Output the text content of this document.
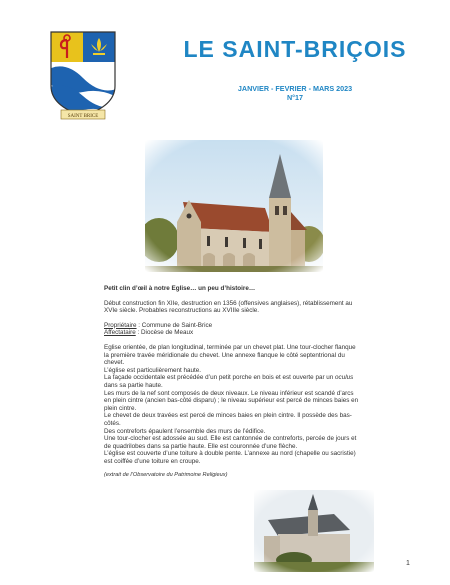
SAINT BRICE
LE SAINT-BRIÇOIS
JANVIER - FEVRIER - MARS 2023
N°17

Petit clin d’œil à notre Eglise… un peu d’histoire…

Début construction fin XIIe, destruction en 1356 (offensives anglaises), rétablissement au XVIe siècle. Probables reconstructions au XVIIIe siècle.

Propriétaire : Commune de Saint-Brice

Affectataire : Diocèse de Meaux

Eglise orientée, de plan longitudinal, terminée par un chevet plat. Une tour-clocher flanque la première travée méridionale du chevet. Une annexe flanque le côté septentrional du chevet.

L’église est particulièrement haute.

La façade occidentale est précédée d’un petit porche en bois et est ouverte par un oculus dans sa partie haute.

Les murs de la nef sont composés de deux niveaux. Le niveau inférieur est scandé d’arcs en plein cintre (ancien bas-côté disparu) ; le niveau supérieur est percé de minces baies en plein cintre.

Le chevet de deux travées est percé de minces baies en plein cintre. Il possède des bas-côtés.

Des contreforts épaulent l’ensemble des murs de l’édifice.

Une tour-clocher est adossée au sud. Elle est cantonnée de contreforts, percée de jours et de quadrilobes dans sa partie haute. Elle est couronnée d’une flèche.

L’église est couverte d’une toiture à double pente. L’annexe au nord (chapelle ou sacristie) est coiffée d’une toiture en croupe.

(extrait de l’Observatoire du Patrimoine Religieux)

1
